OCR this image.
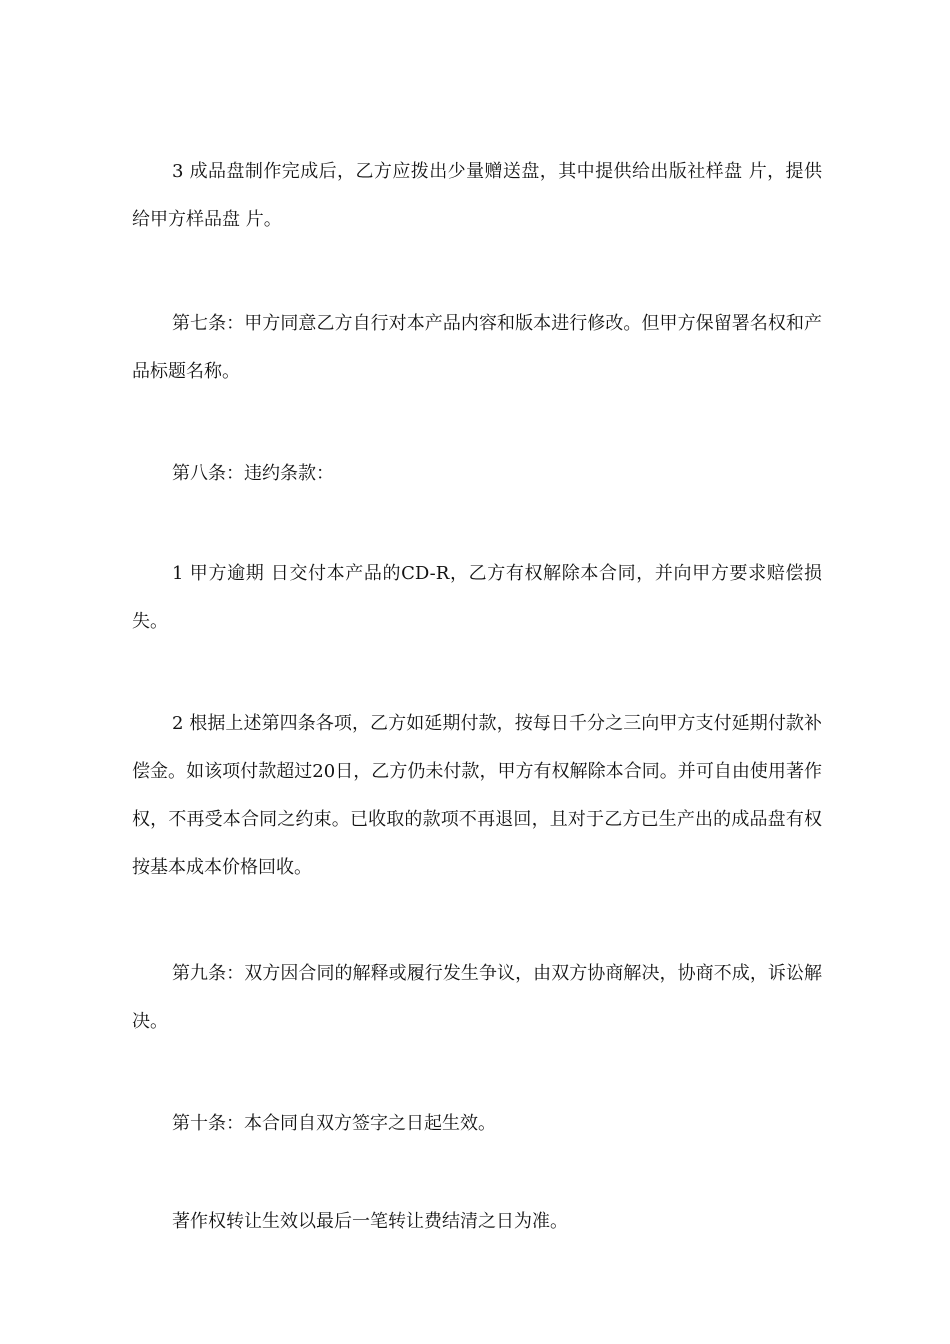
3 成品盘制作完成后，乙方应拨出少量赠送盘，其中提供给出版社样盘 片，提供给甲方样品盘 片。

第七条：甲方同意乙方自行对本产品内容和版本进行修改。但甲方保留署名权和产品标题名称。

第八条：违约条款：

1 甲方逾期 日交付本产品的CD-R，乙方有权解除本合同，并向甲方要求赔偿损失。

2 根据上述第四条各项，乙方如延期付款，按每日千分之三向甲方支付延期付款补偿金。如该项付款超过20日，乙方仍未付款，甲方有权解除本合同。并可自由使用著作权，不再受本合同之约束。已收取的款项不再退回，且对于乙方已生产出的成品盘有权按基本成本价格回收。

第九条：双方因合同的解释或履行发生争议，由双方协商解决，协商不成，诉讼解决。

第十条：本合同自双方签字之日起生效。

著作权转让生效以最后一笔转让费结清之日为准。
